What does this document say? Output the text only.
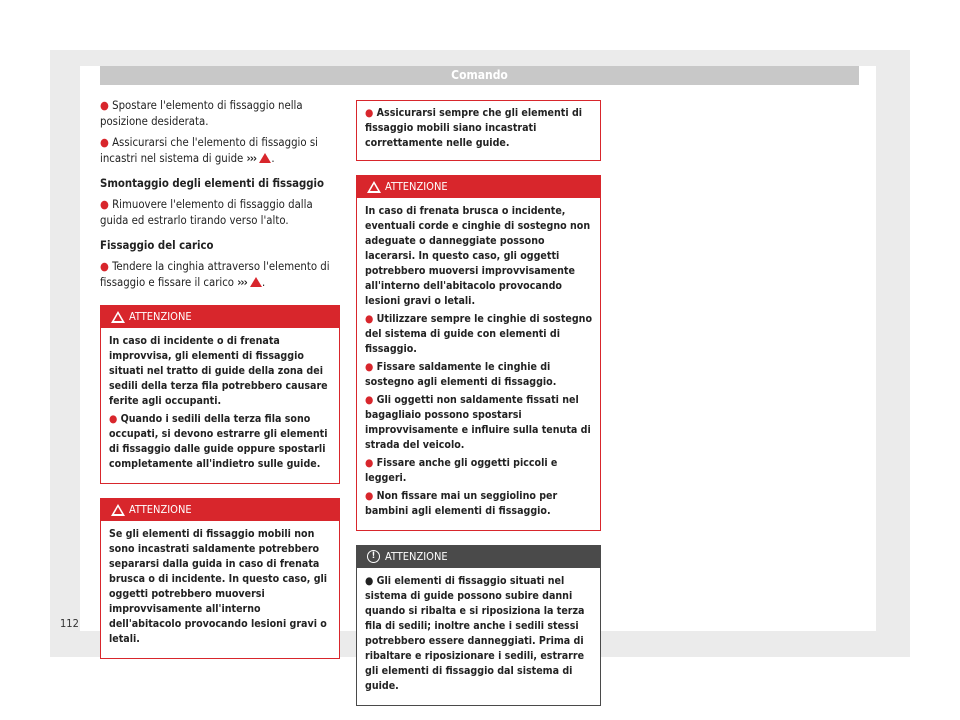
Comando

● Spostare l'elemento di fissaggio nella posizione desiderata.

● Assicurarsi che l'elemento di fissaggio si incastri nel sistema di guide ››› .

Smontaggio degli elementi di fissaggio

● Rimuovere l'elemento di fissaggio dalla guida ed estrarlo tirando verso l'alto.

Fissaggio del carico

● Tendere la cinghia attraverso l'elemento di fissaggio e fissare il carico ››› .

ATTENZIONE

In caso di incidente o di frenata improvvisa, gli elementi di fissaggio situati nel tratto di guide della zona dei sedili della terza fila potrebbero causare ferite agli occupanti.

● Quando i sedili della terza fila sono occupati, si devono estrarre gli elementi di fissaggio dalle guide oppure spostarli completamente all'indietro sulle guide.

ATTENZIONE

Se gli elementi di fissaggio mobili non sono incastrati saldamente potrebbero separarsi dalla guida in caso di frenata brusca o di incidente. In questo caso, gli oggetti potrebbero muoversi improvvisamente all'interno dell'abitacolo provocando lesioni gravi o letali.

● Assicurarsi sempre che gli elementi di fissaggio mobili siano incastrati correttamente nelle guide.

ATTENZIONE

In caso di frenata brusca o incidente, eventuali corde e cinghie di sostegno non adeguate o danneggiate possono lacerarsi. In questo caso, gli oggetti potrebbero muoversi improvvisamente all'interno dell'abitacolo provocando lesioni gravi o letali.

● Utilizzare sempre le cinghie di sostegno del sistema di guide con elementi di fissaggio.

● Fissare saldamente le cinghie di sostegno agli elementi di fissaggio.

● Gli oggetti non saldamente fissati nel bagagliaio possono spostarsi improvvisamente e influire sulla tenuta di strada del veicolo.

● Fissare anche gli oggetti piccoli e leggeri.

● Non fissare mai un seggiolino per bambini agli elementi di fissaggio.

! ATTENZIONE

● Gli elementi di fissaggio situati nel sistema di guide possono subire danni quando si ribalta e si riposiziona la terza fila di sedili; inoltre anche i sedili stessi potrebbero essere danneggiati. Prima di ribaltare e riposizionare i sedili, estrarre gli elementi di fissaggio dal sistema di guide.

112
